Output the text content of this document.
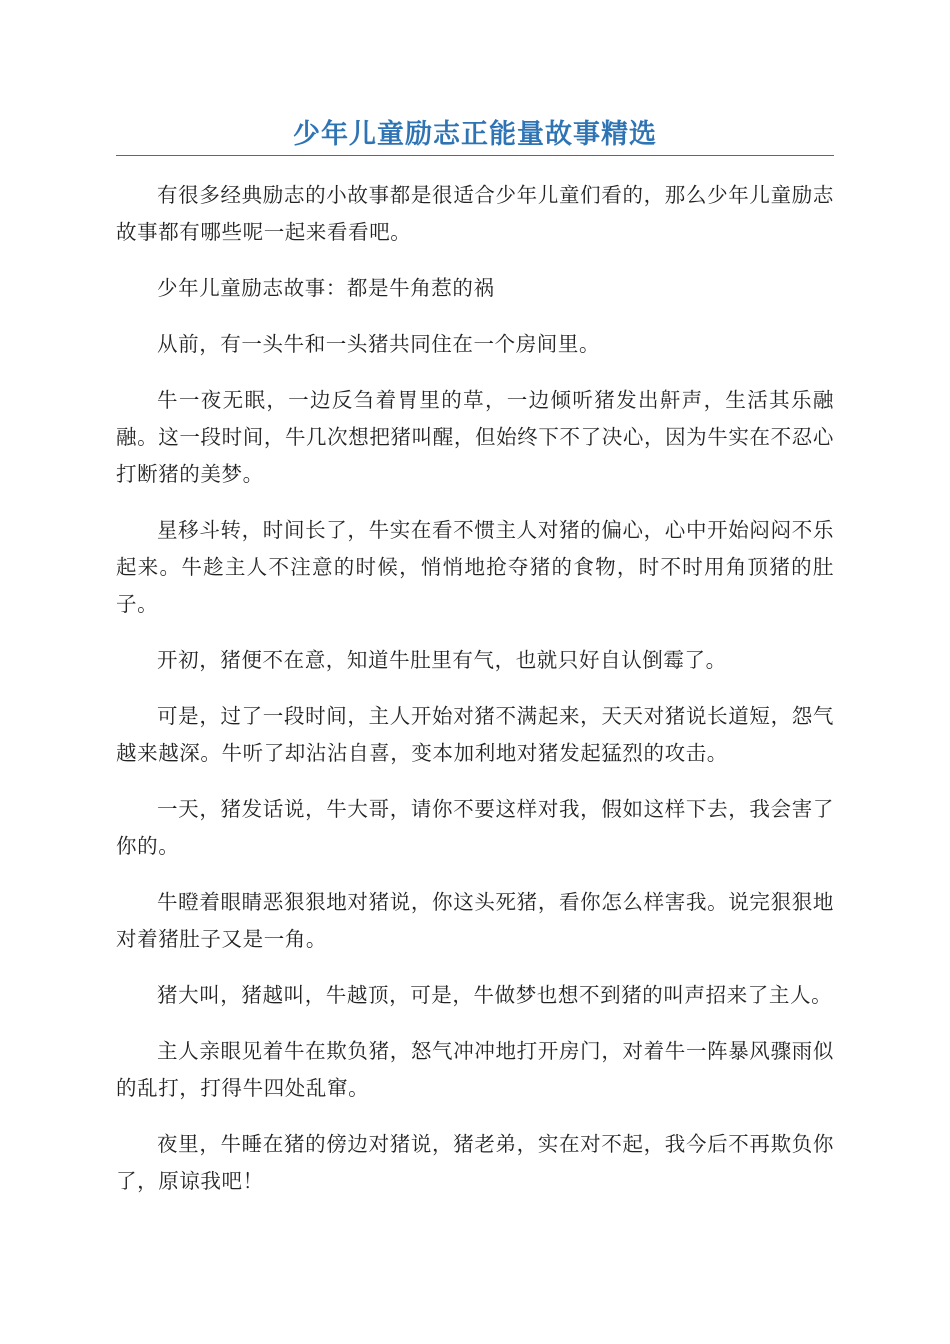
少年儿童励志正能量故事精选

有很多经典励志的小故事都是很适合少年儿童们看的，那么少年儿童励志故事都有哪些呢一起来看看吧。

少年儿童励志故事：都是牛角惹的祸

从前，有一头牛和一头猪共同住在一个房间里。

牛一夜无眠，一边反刍着胃里的草，一边倾听猪发出鼾声，生活其乐融融。这一段时间，牛几次想把猪叫醒，但始终下不了决心，因为牛实在不忍心打断猪的美梦。

星移斗转，时间长了，牛实在看不惯主人对猪的偏心，心中开始闷闷不乐起来。牛趁主人不注意的时候，悄悄地抢夺猪的食物，时不时用角顶猪的肚子。

开初，猪便不在意，知道牛肚里有气，也就只好自认倒霉了。

可是，过了一段时间，主人开始对猪不满起来，天天对猪说长道短，怨气越来越深。牛听了却沾沾自喜，变本加利地对猪发起猛烈的攻击。

一天，猪发话说，牛大哥，请你不要这样对我，假如这样下去，我会害了你的。

牛瞪着眼睛恶狠狠地对猪说，你这头死猪，看你怎么样害我。说完狠狠地对着猪肚子又是一角。

猪大叫，猪越叫，牛越顶，可是，牛做梦也想不到猪的叫声招来了主人。

主人亲眼见着牛在欺负猪，怒气冲冲地打开房门，对着牛一阵暴风骤雨似的乱打，打得牛四处乱窜。

夜里，牛睡在猪的傍边对猪说，猪老弟，实在对不起，我今后不再欺负你了，原谅我吧！
